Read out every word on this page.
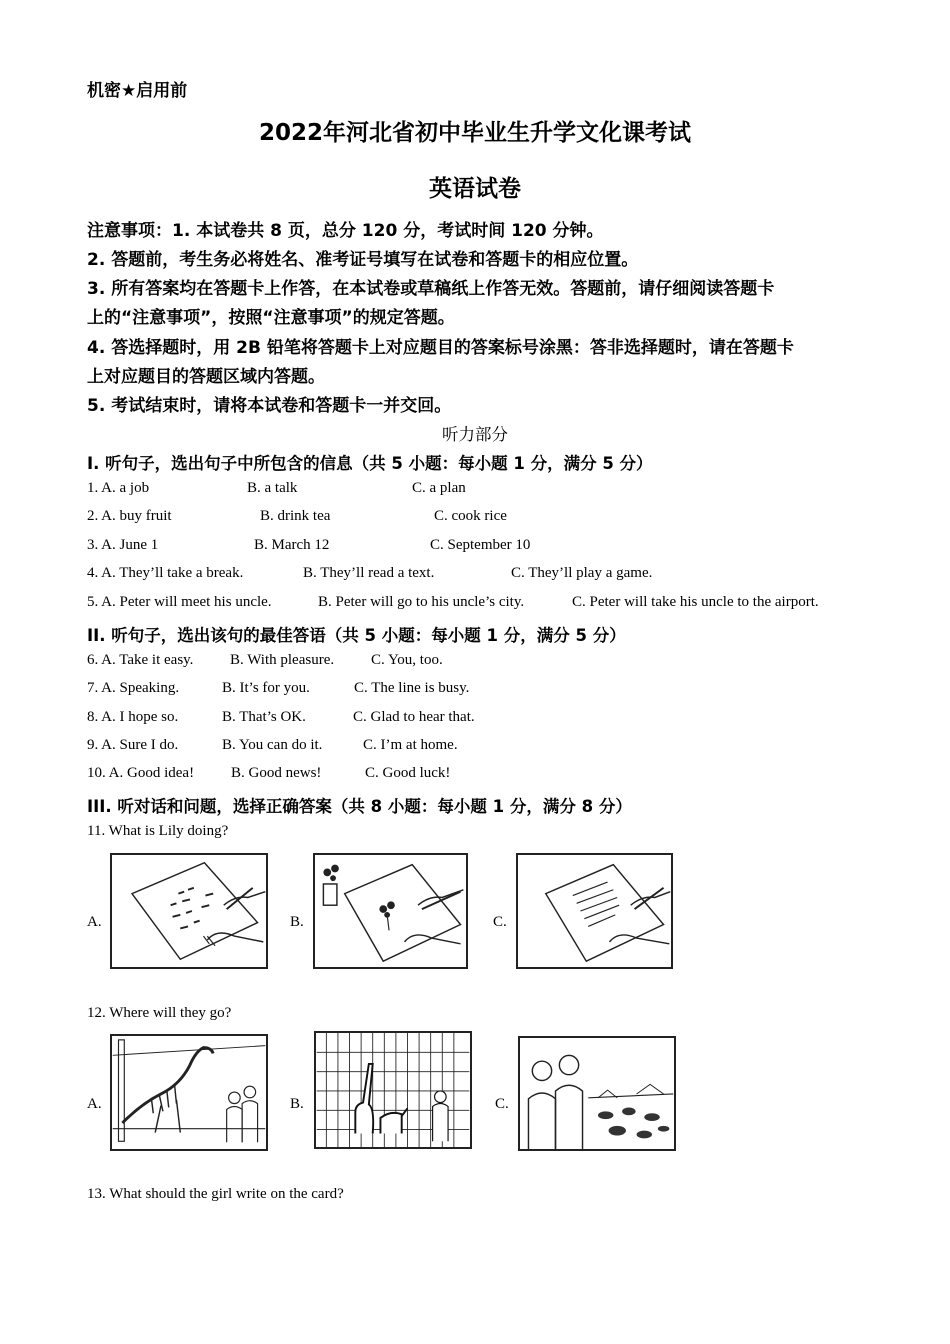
机密★启用前
2022年河北省初中毕业生升学文化课考试
英语试卷
注意事项：1. 本试卷共 8 页，总分 120 分，考试时间 120 分钟。
2. 答题前，考生务必将姓名、准考证号填写在试卷和答题卡的相应位置。
3. 所有答案均在答题卡上作答，在本试卷或草稿纸上作答无效。答题前，请仔细阅读答题卡
上的“注意事项”，按照“注意事项”的规定答题。
4. 答选择题时，用 2B 铅笔将答题卡上对应题目的答案标号涂黑：答非选择题时，请在答题卡
上对应题目的答题区域内答题。
5. 考试结束时，请将本试卷和答题卡一并交回。
听力部分
Ⅰ. 听句子，选出句子中所包含的信息（共 5 小题：每小题 1 分，满分 5 分）
1. A. a job	B. a talk	C. a plan
2. A. buy fruit	B. drink tea	C. cook rice
3. A. June 1	B. March 12	C. September 10
4. A. They’ll take a break.	B. They’ll read a text.	C. They’ll play a game.
5. A. Peter will meet his uncle.	B. Peter will go to his uncle’s city.	C. Peter will take his uncle to the airport.
II. 听句子，选出该句的最佳答语（共 5 小题：每小题 1 分，满分 5 分）
6. A. Take it easy. B. With pleasure. C. You, too.
7. A. Speaking.	B. It’s for you.	C. The line is busy.
8. A. I hope so.	B. That’s OK.	C. Glad to hear that.
9. A. Sure I do.	B. You can do it.	C. I’m at home.
10. A. Good idea! B. Good news!	C. Good luck!
III. 听对话和问题，选择正确答案（共 8 小题：每小题 1 分，满分 8 分）
11. What is Lily doing?
A.	B.	C.
12. Where will they go?
A.	B.	C.
13. What should the girl write on the card?
